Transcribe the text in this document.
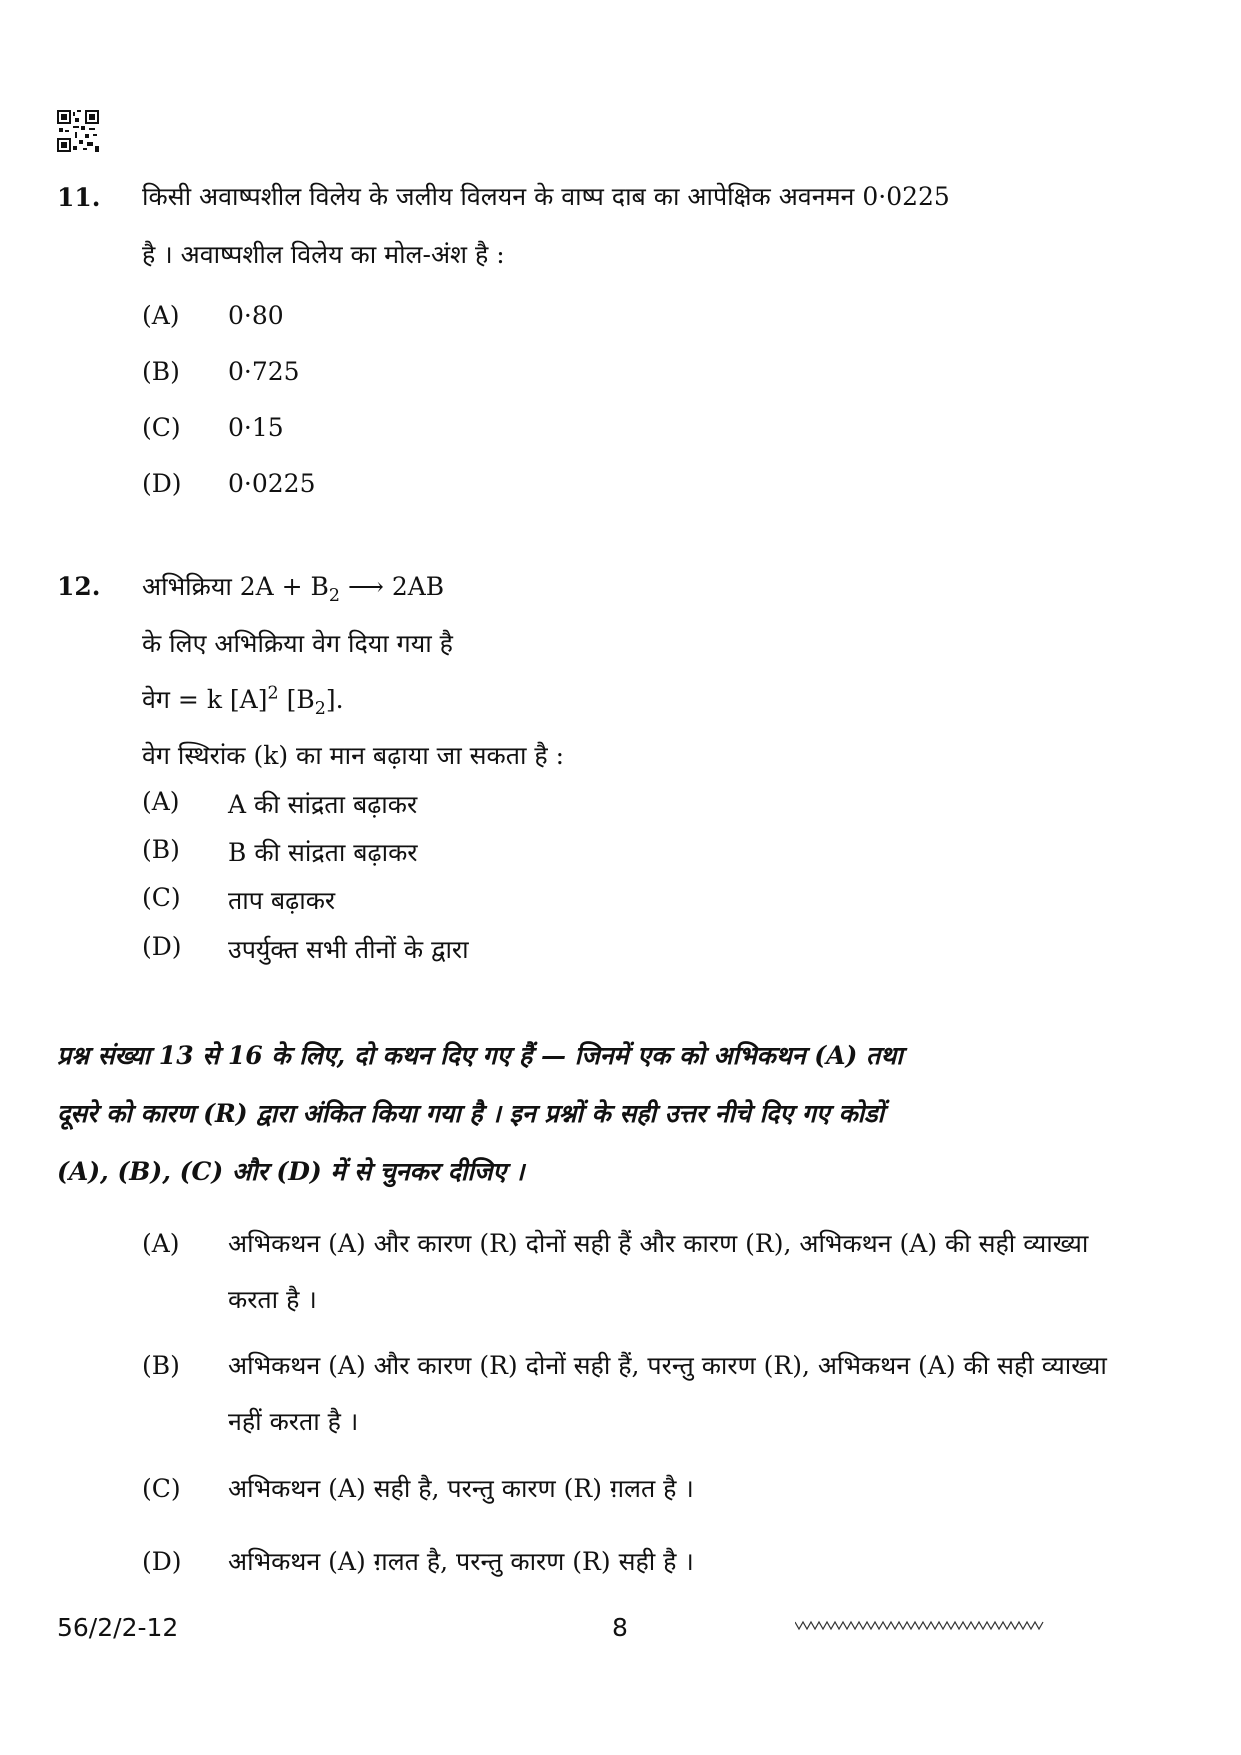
11. किसी अवाष्पशील विलेय के जलीय विलयन के वाष्प दाब का आपेक्षिक अवनमन 0·0225
है । अवाष्पशील विलेय का मोल-अंश है :
(A) 0·80
(B) 0·725
(C) 0·15
(D) 0·0225
12. अभिक्रिया $2A + B_2$ ⟶ 2AB
के लिए अभिक्रिया वेग दिया गया है
वेग = k $[A]^2$ $[B_2]$.
वेग स्थिरांक (k) का मान बढ़ाया जा सकता है :
(A) A की सांद्रता बढ़ाकर
(B) B की सांद्रता बढ़ाकर
(C) ताप बढ़ाकर
(D) उपर्युक्त सभी तीनों के द्वारा
प्रश्न संख्या 13 से 16 के लिए, दो कथन दिए गए हैं — जिनमें एक को अभिकथन (A) तथा
दूसरे को कारण (R) द्वारा अंकित किया गया है । इन प्रश्नों के सही उत्तर नीचे दिए गए कोडों
(A), (B), (C) और (D) में से चुनकर दीजिए ।
(A) अभिकथन (A) और कारण (R) दोनों सही हैं और कारण (R), अभिकथन (A) की सही व्याख्या करता है ।
(B) अभिकथन (A) और कारण (R) दोनों सही हैं, परन्तु कारण (R), अभिकथन (A) की सही व्याख्या नहीं करता है ।
(C) अभिकथन (A) सही है, परन्तु कारण (R) ग़लत है ।
(D) अभिकथन (A) ग़लत है, परन्तु कारण (R) सही है ।
56/2/2-12	8
